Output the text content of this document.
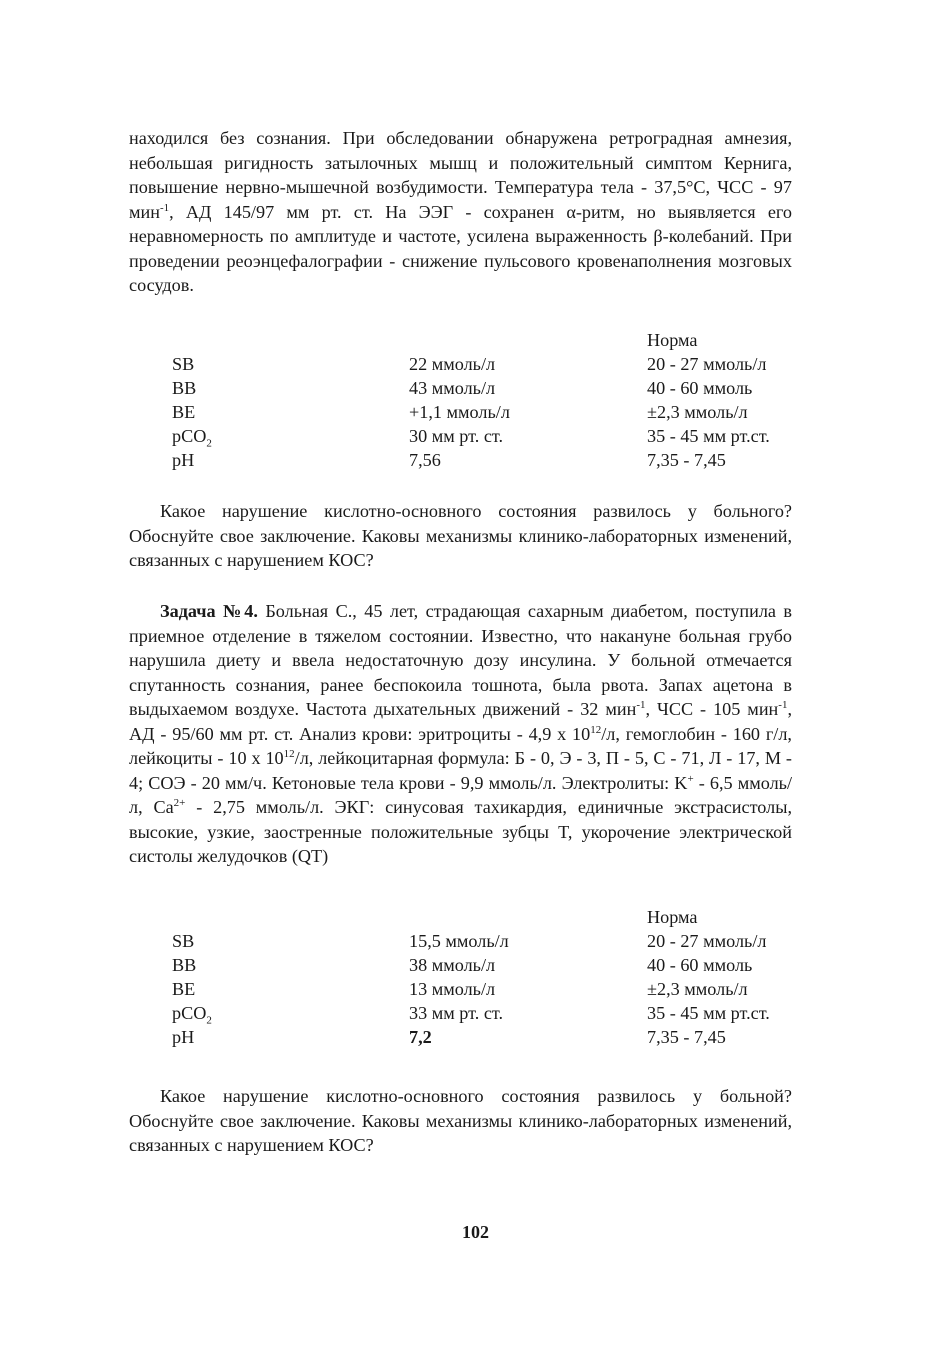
находился без сознания. При обследовании обнаружена ретроградная амнезия, небольшая ригидность затылочных мышц и положительный симптом Кернига, повышение нервно-мышечной возбудимости. Температура тела - 37,5°С, ЧСС - 97 мин$^{-1}$, АД 145/97 мм рт. ст. На ЭЭГ - сохранен α-ритм, но выявляется его неравномерность по амплитуде и частоте, усилена выраженность β-колебаний. При проведении реоэнцефалографии - снижение пульсового кровенаполнения мозговых сосудов.

Норма
SB	22 ммоль/л	20 - 27 ммоль/л
BB	43 ммоль/л	40 - 60 ммоль
BE	+1,1 ммоль/л	±2,3 ммоль/л
pCO$_2$	30 мм рт. ст.	35 - 45 мм рт.ст.
pH	7,56	7,35 - 7,45

Какое нарушение кислотно-основного состояния развилось у больного? Обоснуйте свое заключение. Каковы механизмы клинико-лабораторных изменений, связанных с нарушением КОС?

Задача №4. Больная С., 45 лет, страдающая сахарным диабетом, поступила в приемное отделение в тяжелом состоянии. Известно, что накануне больная грубо нарушила диету и ввела недостаточную дозу инсулина. У больной отмечается спутанность сознания, ранее беспокоила тошнота, была рвота. Запах ацетона в выдыхаемом воздухе. Частота дыхательных движений - 32 мин$^{-1}$, ЧСС - 105 мин$^{-1}$, АД - 95/60 мм рт. ст. Анализ крови: эритроциты - 4,9 х $10^{12}/л$, гемоглобин - 160 г/л, лейкоциты - 10 х $10^{12}/л$, лейкоцитарная формула: Б - 0, Э - 3, П - 5, С - 71, Л - 17, М - 4; СОЭ - 20 мм/ч. Кетоновые тела крови - 9,9 ммоль/л. Электролиты: K+ - 6,5 ммоль/л, $Ca^{2+} - 2,75$ ммоль/л. ЭКГ: синусовая тахикардия, единичные экстрасистолы, высокие, узкие, заостренные положительные зубцы T, укорочение электрической систолы желудочков (QT)

Норма
SB	15,5 ммоль/л	20 - 27 ммоль/л
BB	38 ммоль/л	40 - 60 ммоль
BE	13 ммоль/л	±2,3 ммоль/л
pCO$_2$	33 мм рт. ст.	35 - 45 мм рт.ст.
pH	7,2	7,35 - 7,45

Какое нарушение кислотно-основного состояния развилось у больной? Обоснуйте свое заключение. Каковы механизмы клинико-лабораторных изменений, связанных с нарушением КОС?

102
